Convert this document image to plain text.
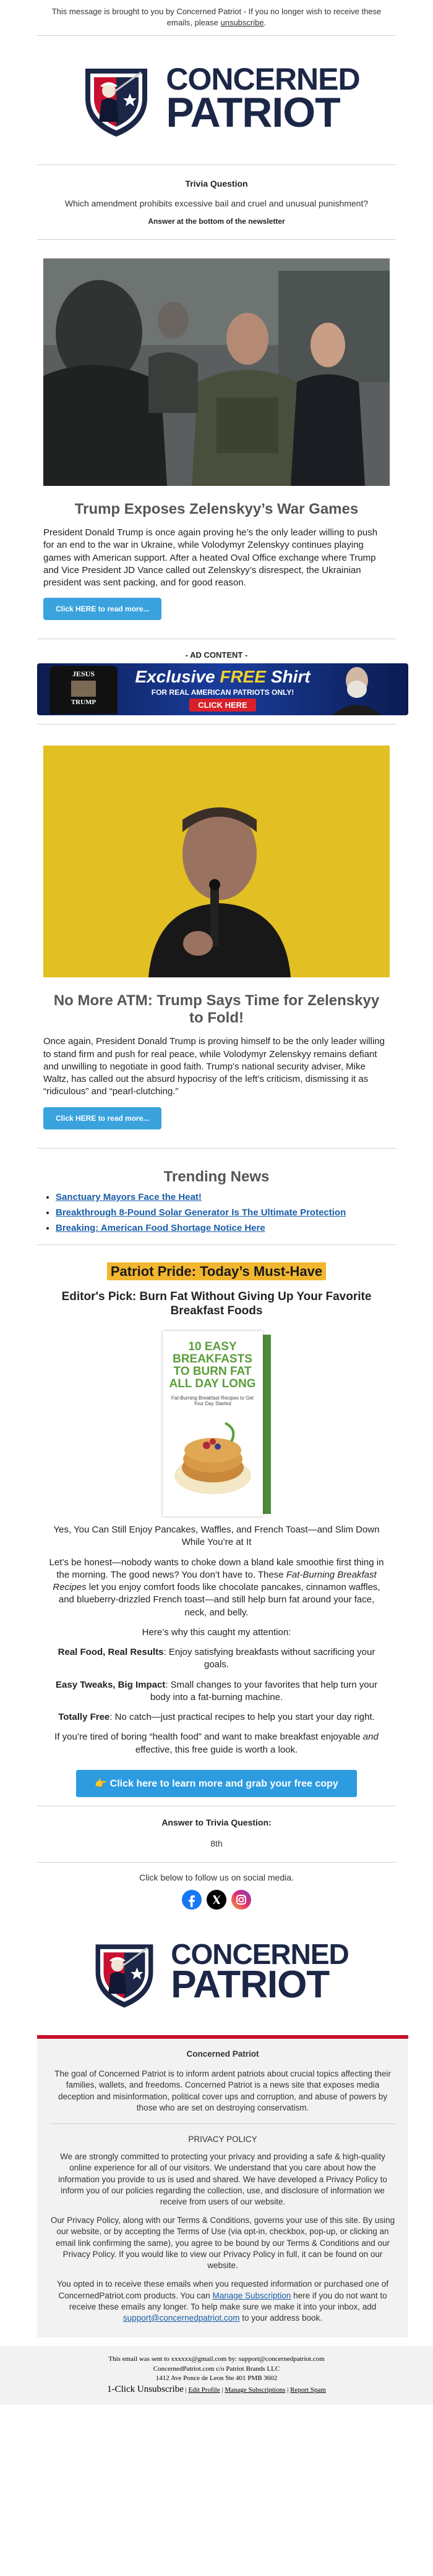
This message is brought to you by Concerned Patriot - If you no longer wish to receive these emails, please unsubscribe.
CONCERNED
PATRIOT
Trivia Question
Which amendment prohibits excessive bail and cruel and unusual punishment?
Answer at the bottom of the newsletter
Trump Exposes Zelenskyy’s War Games
President Donald Trump is once again proving he’s the only leader willing to push for an end to the war in Ukraine, while Volodymyr Zelenskyy continues playing games with American support. After a heated Oval Office exchange where Trump and Vice President JD Vance called out Zelenskyy’s disrespect, the Ukrainian president was sent packing, and for good reason.
Click HERE to read more...
- AD CONTENT -
JESUS
TRUMP
Exclusive FREE Shirt
FOR REAL AMERICAN PATRIOTS ONLY!
CLICK HERE
No More ATM: Trump Says Time for Zelenskyy to Fold!
Once again, President Donald Trump is proving himself to be the only leader willing to stand firm and push for real peace, while Volodymyr Zelenskyy remains defiant and unwilling to negotiate in good faith. Trump’s national security adviser, Mike Waltz, has called out the absurd hypocrisy of the left’s criticism, dismissing it as “ridiculous” and “pearl-clutching.”
Click HERE to read more...
Trending News
• Sanctuary Mayors Face the Heat!
• Breakthrough 8-Pound Solar Generator Is The Ultimate Protection
• Breaking: American Food Shortage Notice Here
Patriot Pride: Today’s Must-Have
Editor's Pick: Burn Fat Without Giving Up Your Favorite Breakfast Foods
10 EASY
BREAKFASTS
TO BURN FAT
ALL DAY LONG
Fat-Burning Breakfast Recipes to Get Your Day Started
Yes, You Can Still Enjoy Pancakes, Waffles, and French Toast—and Slim Down While You’re at It
Let’s be honest—nobody wants to choke down a bland kale smoothie first thing in the morning. The good news? You don’t have to. These Fat-Burning Breakfast Recipes let you enjoy comfort foods like chocolate pancakes, cinnamon waffles, and blueberry-drizzled French toast—and still help burn fat around your face, neck, and belly.
Here’s why this caught my attention:
Real Food, Real Results: Enjoy satisfying breakfasts without sacrificing your goals.
Easy Tweaks, Big Impact: Small changes to your favorites that help turn your body into a fat-burning machine.
Totally Free: No catch—just practical recipes to help you start your day right.
If you’re tired of boring “health food” and want to make breakfast enjoyable and effective, this free guide is worth a look.
👉 Click here to learn more and grab your free copy
Answer to Trivia Question:
8th
Click below to follow us on social media.

CONCERNED
PATRIOT
Concerned Patriot
The goal of Concerned Patriot is to inform ardent patriots about crucial topics affecting their families, wallets, and freedoms. Concerned Patriot is a news site that exposes media deception and misinformation, political cover ups and corruption, and abuse of powers by those who are set on destroying conservatism.
PRIVACY POLICY
We are strongly committed to protecting your privacy and providing a safe & high-quality online experience for all of our visitors. We understand that you care about how the information you provide to us is used and shared. We have developed a Privacy Policy to inform you of our policies regarding the collection, use, and disclosure of information we receive from users of our website.
Our Privacy Policy, along with our Terms & Conditions, governs your use of this site. By using our website, or by accepting the Terms of Use (via opt-in, checkbox, pop-up, or clicking an email link confirming the same), you agree to be bound by our Terms & Conditions and our Privacy Policy. If you would like to view our Privacy Policy in full, it can be found on our website.
You opted in to receive these emails when you requested information or purchased one of ConcernedPatriot.com products. You can Manage Subscription here if you do not want to receive these emails any longer. To help make sure we make it into your inbox, add support@concernedpatriot.com to your address book.
This email was sent to xxxxxx@gmail.com by: support@concernedpatriot.com
ConcernedPatriot.com c/o Patriot Brands LLC
1412 Ave Ponce de Leon Ste 401 PMB 3602
1-Click Unsubscribe | Edit Profile | Manage Subscriptions | Report Spam
